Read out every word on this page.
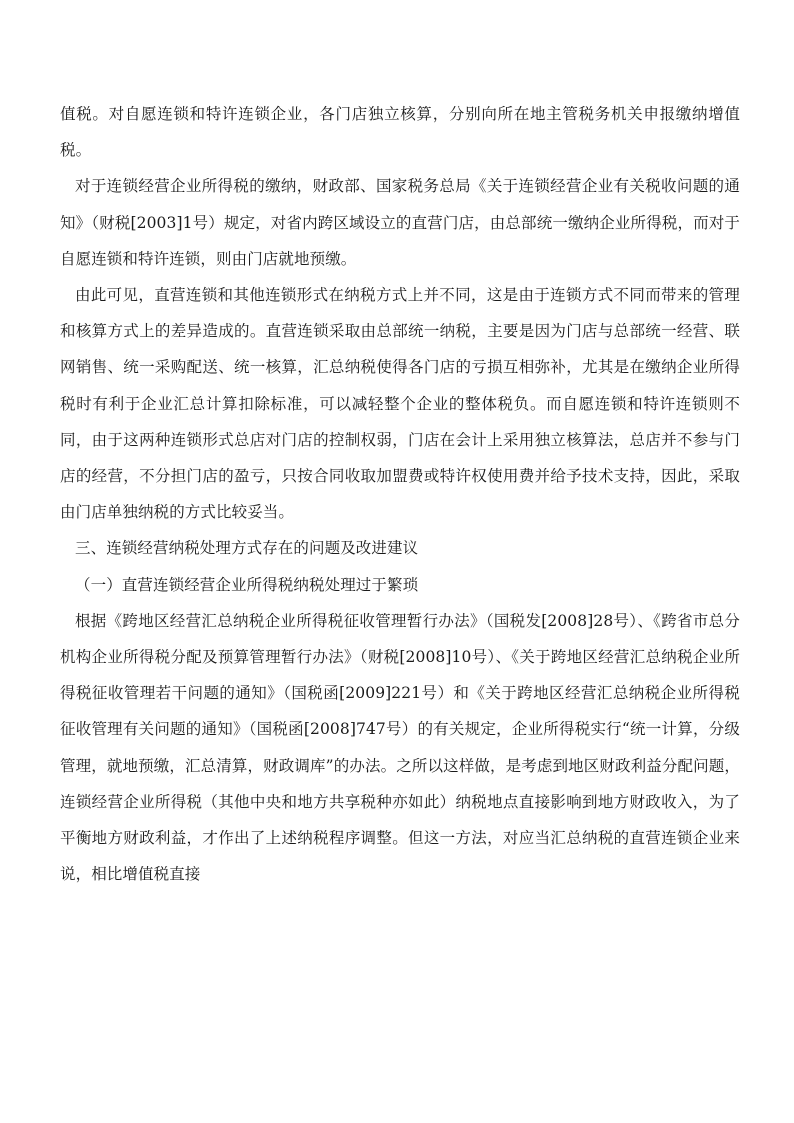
值税。对自愿连锁和特许连锁企业，各门店独立核算，分别向所在地主管税务机关申报缴纳增值税。

对于连锁经营企业所得税的缴纳，财政部、国家税务总局《关于连锁经营企业有关税收问题的通知》（财税[2003]1号）规定，对省内跨区域设立的直营门店，由总部统一缴纳企业所得税，而对于自愿连锁和特许连锁，则由门店就地预缴。

由此可见，直营连锁和其他连锁形式在纳税方式上并不同，这是由于连锁方式不同而带来的管理和核算方式上的差异造成的。直营连锁采取由总部统一纳税，主要是因为门店与总部统一经营、联网销售、统一采购配送、统一核算，汇总纳税使得各门店的亏损互相弥补，尤其是在缴纳企业所得税时有利于企业汇总计算扣除标准，可以减轻整个企业的整体税负。而自愿连锁和特许连锁则不同，由于这两种连锁形式总店对门店的控制权弱，门店在会计上采用独立核算法，总店并不参与门店的经营，不分担门店的盈亏，只按合同收取加盟费或特许权使用费并给予技术支持，因此，采取由门店单独纳税的方式比较妥当。

三、连锁经营纳税处理方式存在的问题及改进建议

（一）直营连锁经营企业所得税纳税处理过于繁琐

根据《跨地区经营汇总纳税企业所得税征收管理暂行办法》（国税发[2008]28号）、《跨省市总分机构企业所得税分配及预算管理暂行办法》（财税[2008]10号）、《关于跨地区经营汇总纳税企业所得税征收管理若干问题的通知》（国税函[2009]221号）和《关于跨地区经营汇总纳税企业所得税征收管理有关问题的通知》（国税函[2008]747号）的有关规定，企业所得税实行“统一计算，分级管理，就地预缴，汇总清算，财政调库”的办法。之所以这样做，是考虑到地区财政利益分配问题，连锁经营企业所得税（其他中央和地方共享税种亦如此）纳税地点直接影响到地方财政收入，为了平衡地方财政利益，才作出了上述纳税程序调整。但这一方法，对应当汇总纳税的直营连锁企业来说，相比增值税直接
